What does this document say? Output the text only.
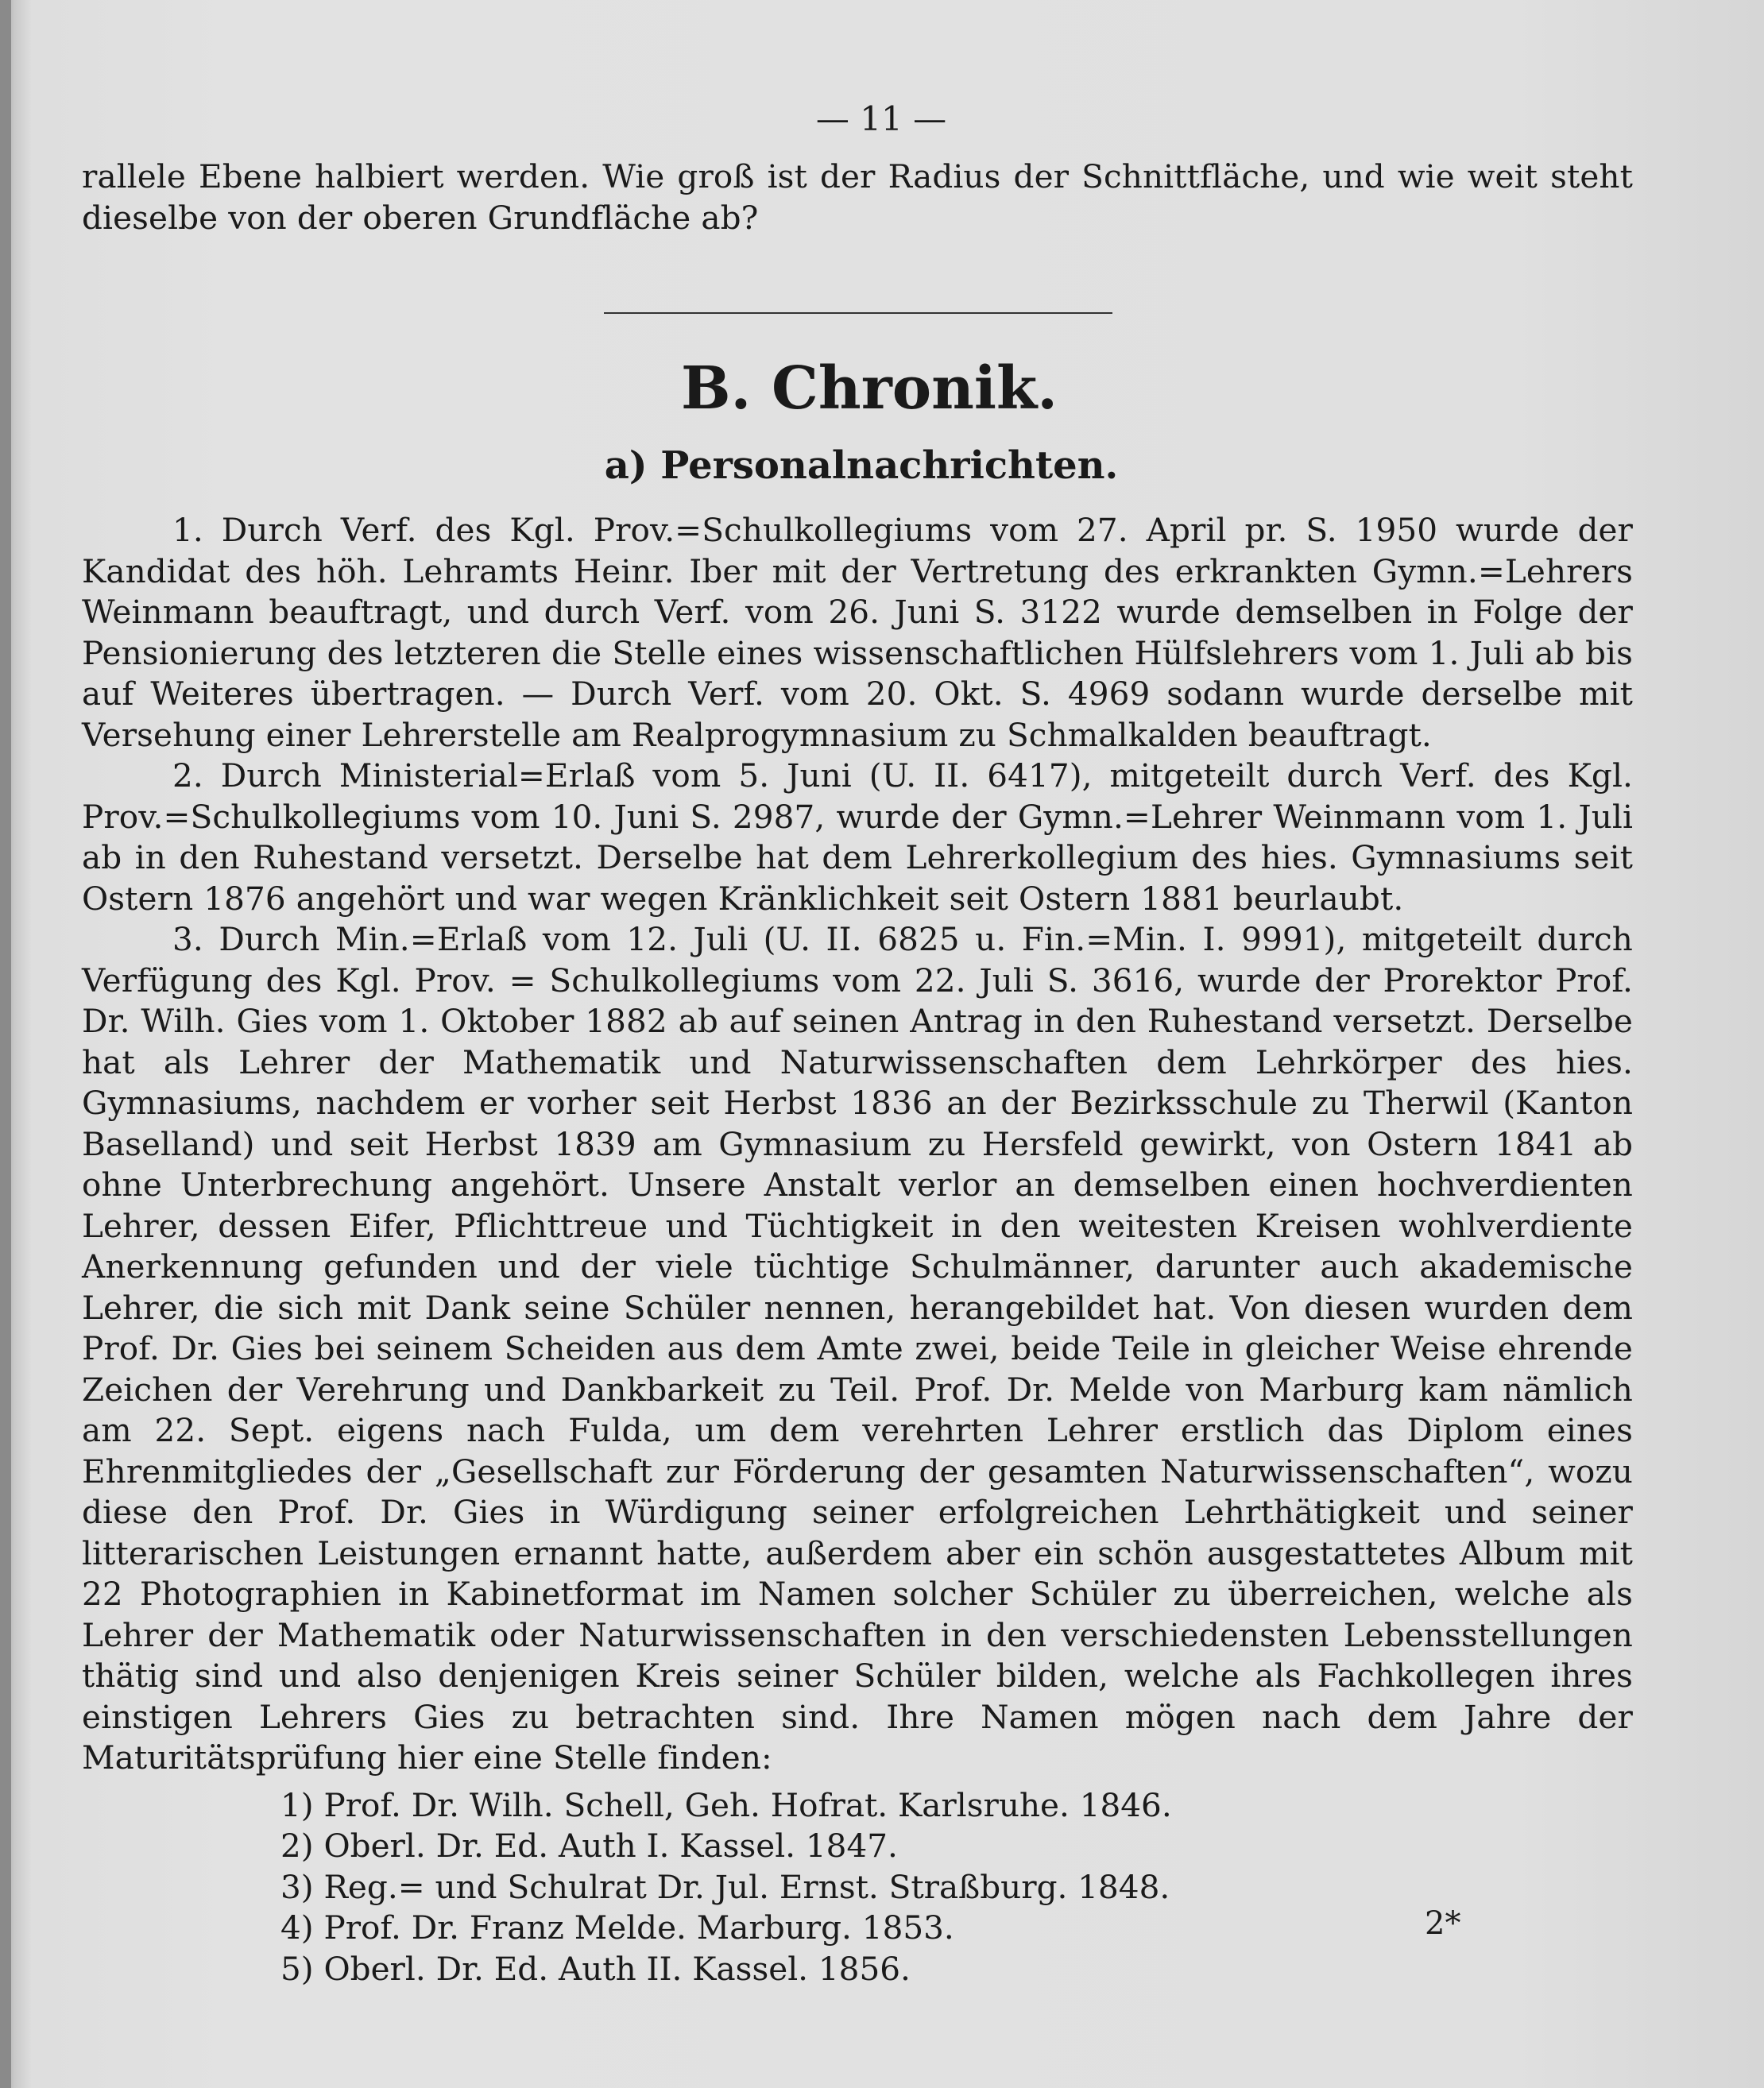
— 11 —

rallele Ebene halbiert werden. Wie groß ist der Radius der Schnittfläche, und wie weit steht dieselbe von der oberen Grundfläche ab?

B. Chronik.
a) Personalnachrichten.

1. Durch Verf. des Kgl. Prov.=Schulkollegiums vom 27. April pr. S. 1950 wurde der Kandidat des höh. Lehramts Heinr. Iber mit der Vertretung des erkrankten Gymn.=Lehrers Weinmann beauftragt, und durch Verf. vom 26. Juni S. 3122 wurde demselben in Folge der Pensionierung des letzteren die Stelle eines wissenschaftlichen Hülfslehrers vom 1. Juli ab bis auf Weiteres übertragen. — Durch Verf. vom 20. Okt. S. 4969 sodann wurde derselbe mit Versehung einer Lehrerstelle am Realprogymnasium zu Schmalkalden beauftragt.

2. Durch Ministerial=Erlaß vom 5. Juni (U. II. 6417), mitgeteilt durch Verf. des Kgl. Prov.=Schulkollegiums vom 10. Juni S. 2987, wurde der Gymn.=Lehrer Weinmann vom 1. Juli ab in den Ruhestand versetzt. Derselbe hat dem Lehrerkollegium des hies. Gymnasiums seit Ostern 1876 angehört und war wegen Kränklichkeit seit Ostern 1881 beurlaubt.

3. Durch Min.=Erlaß vom 12. Juli (U. II. 6825 u. Fin.=Min. I. 9991), mitgeteilt durch Verfügung des Kgl. Prov. = Schulkollegiums vom 22. Juli S. 3616, wurde der Prorektor Prof. Dr. Wilh. Gies vom 1. Oktober 1882 ab auf seinen Antrag in den Ruhestand versetzt. Derselbe hat als Lehrer der Mathematik und Naturwissenschaften dem Lehrkörper des hies. Gymnasiums, nachdem er vorher seit Herbst 1836 an der Bezirksschule zu Therwil (Kanton Baselland) und seit Herbst 1839 am Gymnasium zu Hersfeld gewirkt, von Ostern 1841 ab ohne Unterbrechung angehört. Unsere Anstalt verlor an demselben einen hochverdienten Lehrer, dessen Eifer, Pflichttreue und Tüchtigkeit in den weitesten Kreisen wohlverdiente Anerkennung gefunden und der viele tüchtige Schulmänner, darunter auch akademische Lehrer, die sich mit Dank seine Schüler nennen, herangebildet hat. Von diesen wurden dem Prof. Dr. Gies bei seinem Scheiden aus dem Amte zwei, beide Teile in gleicher Weise ehrende Zeichen der Verehrung und Dankbarkeit zu Teil. Prof. Dr. Melde von Marburg kam nämlich am 22. Sept. eigens nach Fulda, um dem verehrten Lehrer erstlich das Diplom eines Ehrenmitgliedes der „Gesellschaft zur Förderung der gesamten Naturwissenschaften“, wozu diese den Prof. Dr. Gies in Würdigung seiner erfolgreichen Lehrthätigkeit und seiner litterarischen Leistungen ernannt hatte, außerdem aber ein schön ausgestattetes Album mit 22 Photographien in Kabinetformat im Namen solcher Schüler zu überreichen, welche als Lehrer der Mathematik oder Naturwissenschaften in den verschiedensten Lebensstellungen thätig sind und also denjenigen Kreis seiner Schüler bilden, welche als Fachkollegen ihres einstigen Lehrers Gies zu betrachten sind. Ihre Namen mögen nach dem Jahre der Maturitätsprüfung hier eine Stelle finden:

1) Prof. Dr. Wilh. Schell, Geh. Hofrat. Karlsruhe. 1846.
2) Oberl. Dr. Ed. Auth I. Kassel. 1847.
3) Reg.= und Schulrat Dr. Jul. Ernst. Straßburg. 1848.
4) Prof. Dr. Franz Melde. Marburg. 1853.
5) Oberl. Dr. Ed. Auth II. Kassel. 1856.
2*
